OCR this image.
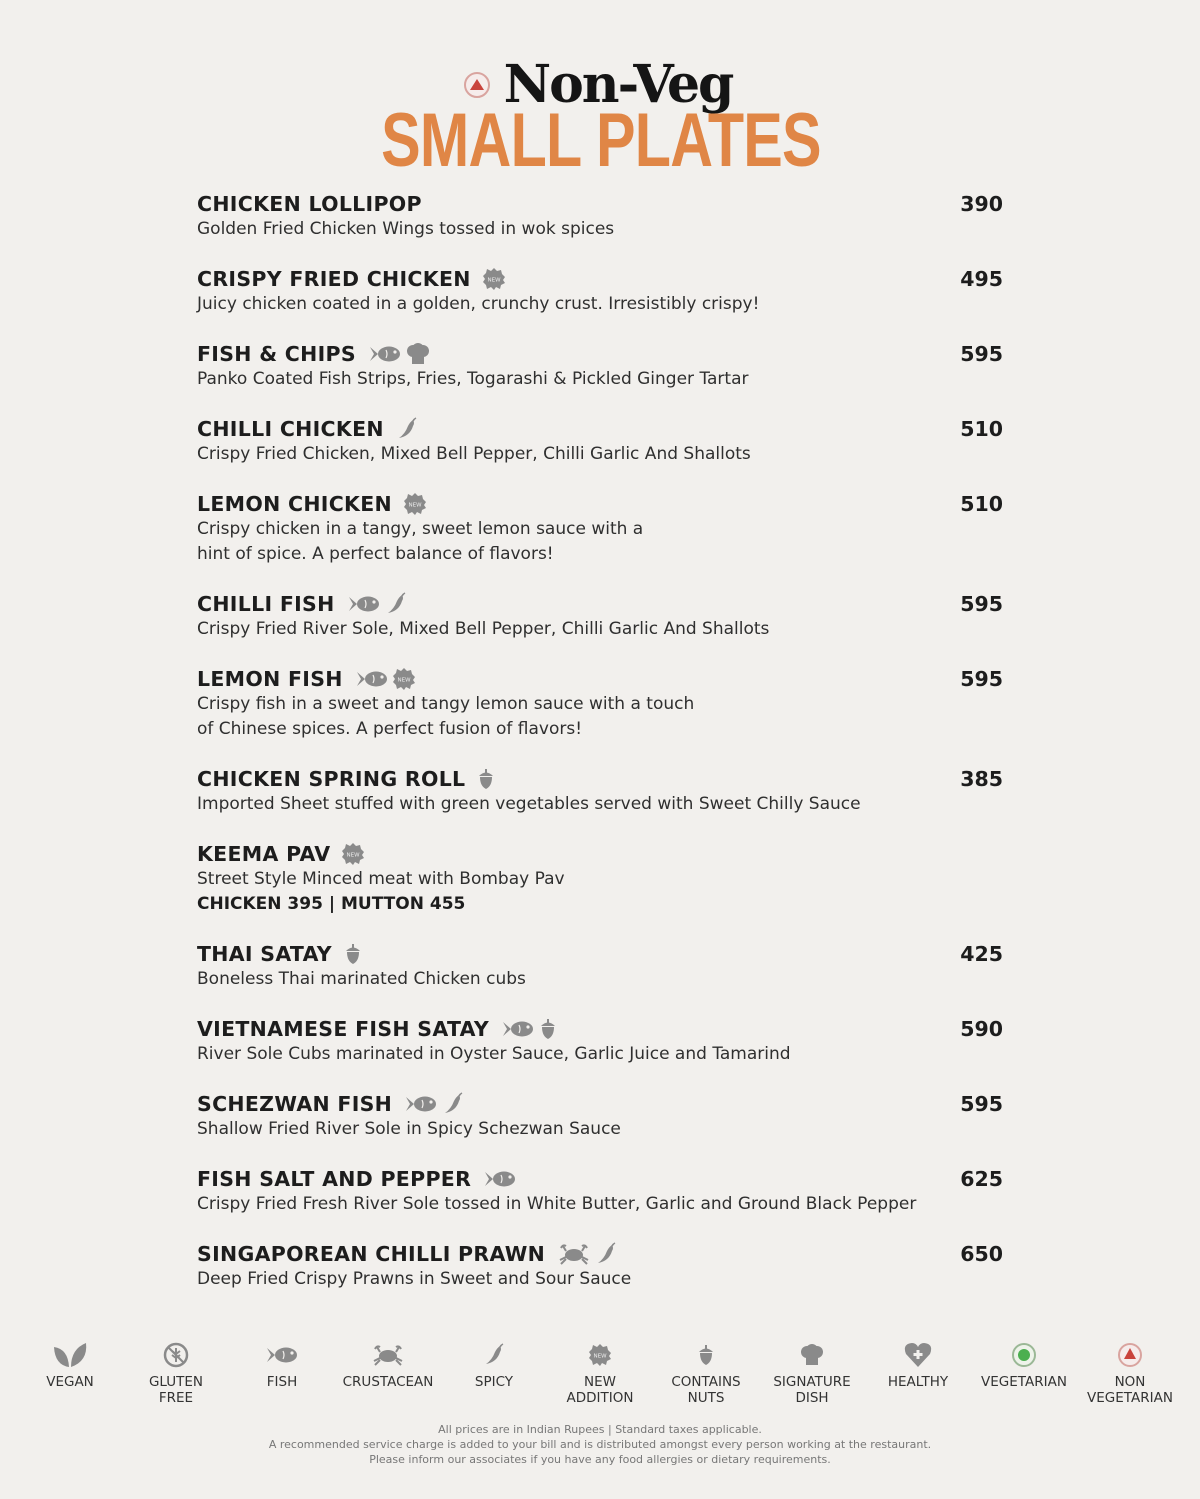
Non-Veg
SMALL PLATES
CHICKEN LOLLIPOP	390
Golden Fried Chicken Wings tossed in wok spices
CRISPY FRIED CHICKEN	NEW	495
Juicy chicken coated in a golden, crunchy crust. Irresistibly crispy!
FISH & CHIPS	595
Panko Coated Fish Strips, Fries, Togarashi & Pickled Ginger Tartar
CHILLI CHICKEN	510
Crispy Fried Chicken, Mixed Bell Pepper, Chilli Garlic And Shallots
LEMON CHICKEN	NEW	510
Crispy chicken in a tangy, sweet lemon sauce with a
hint of spice. A perfect balance of flavors!
CHILLI FISH	595
Crispy Fried River Sole, Mixed Bell Pepper, Chilli Garlic And Shallots
LEMON FISH	NEW	595
Crispy fish in a sweet and tangy lemon sauce with a touch
of Chinese spices. A perfect fusion of flavors!
CHICKEN SPRING ROLL	385
Imported Sheet stuffed with green vegetables served with Sweet Chilly Sauce
KEEMA PAV	NEW
Street Style Minced meat with Bombay Pav
CHICKEN 395 | MUTTON 455
THAI SATAY	425
Boneless Thai marinated Chicken cubs
VIETNAMESE FISH SATAY	590
River Sole Cubs marinated in Oyster Sauce, Garlic Juice and Tamarind
SCHEZWAN FISH	595
Shallow Fried River Sole in Spicy Schezwan Sauce
FISH SALT AND PEPPER	625
Crispy Fried Fresh River Sole tossed in White Butter, Garlic and Ground Black Pepper
SINGAPOREAN CHILLI PRAWN	650
Deep Fried Crispy Prawns in Sweet and Sour Sauce
VEGAN	GLUTEN
FREE
FISH	CRUSTACEAN	SPICY
NEW
NEW
ADDITION
CONTAINS
NUTS
SIGNATURE
DISH
HEALTHY VEGETARIAN	NON
VEGETARIAN
All prices are in Indian Rupees | Standard taxes applicable.
A recommended service charge is added to your bill and is distributed amongst every person working at the restaurant.
Please inform our associates if you have any food allergies or dietary requirements.
